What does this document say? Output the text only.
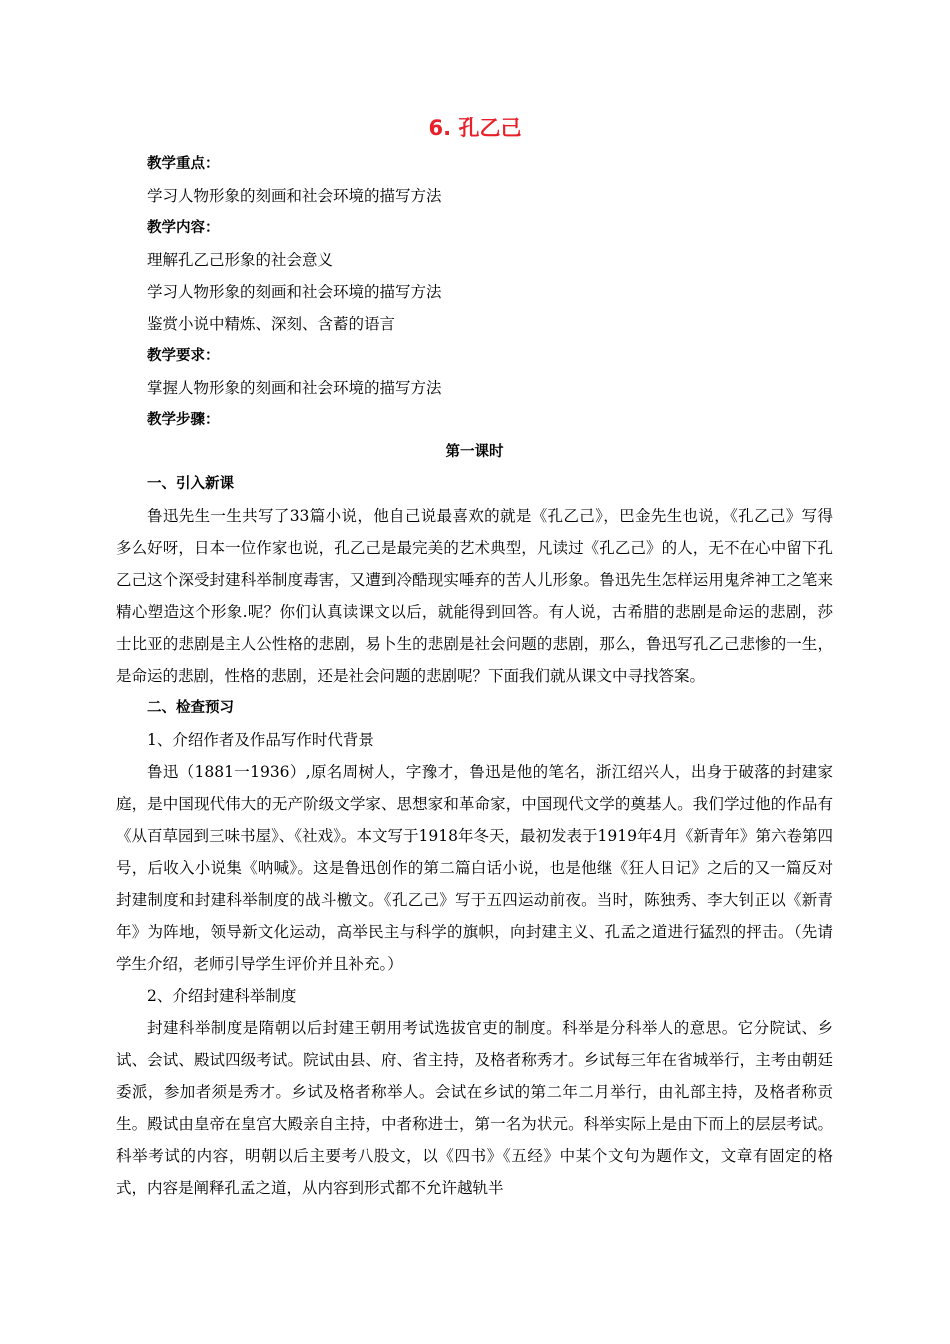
6. 孔乙己

教学重点：

学习人物形象的刻画和社会环境的描写方法

教学内容：

理解孔乙己形象的社会意义

学习人物形象的刻画和社会环境的描写方法

鉴赏小说中精炼、深刻、含蓄的语言

教学要求：

掌握人物形象的刻画和社会环境的描写方法

教学步骤：

第一课时

一、引入新课

鲁迅先生一生共写了33篇小说，他自己说最喜欢的就是《孔乙己》，巴金先生也说，《孔乙己》写得多么好呀，日本一位作家也说，孔乙己是最完美的艺术典型，凡读过《孔乙己》的人，无不在心中留下孔乙己这个深受封建科举制度毒害，又遭到冷酷现实唾弃的苦人儿形象。鲁迅先生怎样运用鬼斧神工之笔来精心塑造这个形象.呢？你们认真读课文以后，就能得到回答。有人说，古希腊的悲剧是命运的悲剧，莎士比亚的悲剧是主人公性格的悲剧，易卜生的悲剧是社会问题的悲剧，那么，鲁迅写孔乙己悲惨的一生，是命运的悲剧，性格的悲剧，还是社会问题的悲剧呢？下面我们就从课文中寻找答案。

二、检查预习

1、介绍作者及作品写作时代背景

鲁迅（1881一1936）,原名周树人，字豫才，鲁迅是他的笔名，浙江绍兴人，出身于破落的封建家庭，是中国现代伟大的无产阶级文学家、思想家和革命家，中国现代文学的奠基人。我们学过他的作品有《从百草园到三味书屋》、《社戏》。本文写于1918年冬天，最初发表于1919年4月《新青年》第六卷第四号，后收入小说集《呐喊》。这是鲁迅创作的第二篇白话小说，也是他继《狂人日记》之后的又一篇反对封建制度和封建科举制度的战斗檄文。《孔乙己》写于五四运动前夜。当时，陈独秀、李大钊正以《新青年》为阵地，领导新文化运动，高举民主与科学的旗帜，向封建主义、孔孟之道进行猛烈的抨击。（先请学生介绍，老师引导学生评价并且补充。）

2、介绍封建科举制度

封建科举制度是隋朝以后封建王朝用考试选拔官吏的制度。科举是分科举人的意思。它分院试、乡试、会试、殿试四级考试。院试由县、府、省主持，及格者称秀才。乡试每三年在省城举行，主考由朝廷委派，参加者须是秀才。乡试及格者称举人。会试在乡试的第二年二月举行，由礼部主持，及格者称贡生。殿试由皇帝在皇宫大殿亲自主持，中者称进士，第一名为状元。科举实际上是由下而上的层层考试。科举考试的内容，明朝以后主要考八股文，以《四书》《五经》中某个文句为题作文，文章有固定的格式，内容是阐释孔孟之道，从内容到形式都不允许越轨半
